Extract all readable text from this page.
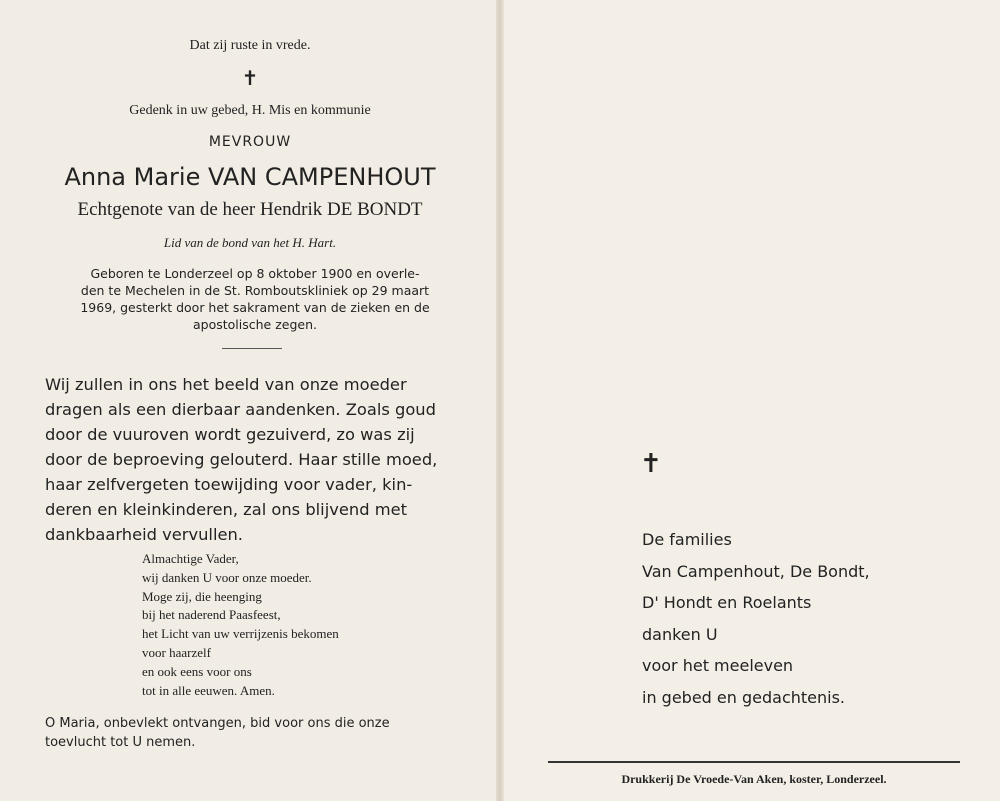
Dat zij ruste in vrede.
✝
Gedenk in uw gebed, H. Mis en kommunie
MEVROUW
Anna Marie VAN CAMPENHOUT
Echtgenote van de heer Hendrik DE BONDT
Lid van de bond van het H. Hart.
Geboren te Londerzeel op 8 oktober 1900 en overle-
den te Mechelen in de St. Romboutskliniek op 29 maart
1969, gesterkt door het sakrament van de zieken en de
apostolische zegen.
Wij zullen in ons het beeld van onze moeder
dragen als een dierbaar aandenken. Zoals goud
door de vuuroven wordt gezuiverd, zo was zij
door de beproeving gelouterd. Haar stille moed,
haar zelfvergeten toewijding voor vader, kin-
deren en kleinkinderen, zal ons blijvend met
dankbaarheid vervullen.
Almachtige Vader,
wij danken U voor onze moeder.
Moge zij, die heenging
bij het naderend Paasfeest,
het Licht van uw verrijzenis bekomen
voor haarzelf
en ook eens voor ons
tot in alle eeuwen. Amen.
O Maria, onbevlekt ontvangen, bid voor ons die onze
toevlucht tot U nemen.
✝
De families
Van Campenhout, De Bondt,
D' Hondt en Roelants
danken U
voor het meeleven
in gebed en gedachtenis.
Drukkerij De Vroede-Van Aken, koster, Londerzeel.
